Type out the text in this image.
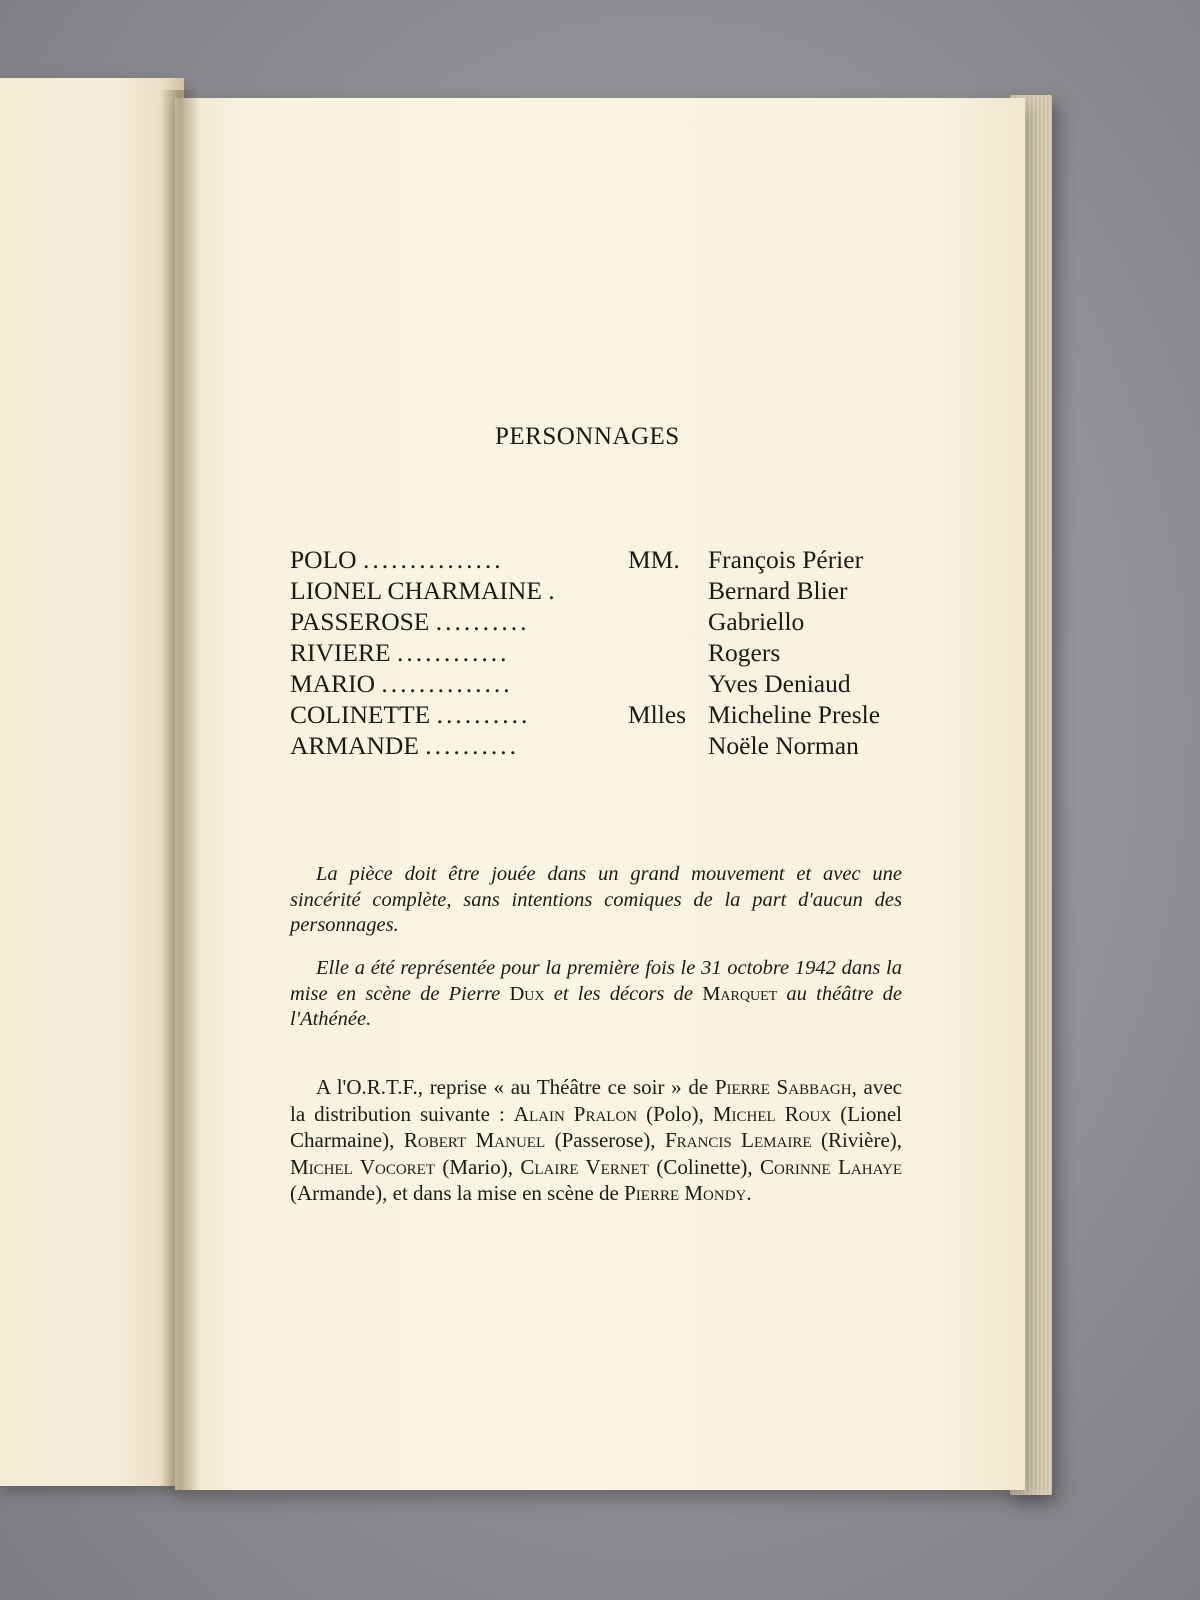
PERSONNAGES
POLO ...............	MM. François Périer
LIONEL CHARMAINE .	Bernard Blier
PASSEROSE ..........	Gabriello
RIVIERE ............	Rogers
MARIO ..............	Yves Deniaud
COLINETTE ..........	Mlles Micheline Presle
ARMANDE ..........	Noële Norman

La pièce doit être jouée dans un grand mouvement et avec une sincérité complète, sans intentions comiques de la part d'aucun des personnages.

Elle a été représentée pour la première fois le 31 octobre 1942 dans la mise en scène de Pierre Dux et les décors de Marquet au théâtre de l'Athénée.

A l'O.R.T.F., reprise « au Théâtre ce soir » de Pierre Sabbagh, avec la distribution suivante : Alain Pralon (Polo), Michel Roux (Lionel Charmaine), Robert Manuel (Passerose), Francis Lemaire (Rivière), Michel Vocoret (Mario), Claire Vernet (Colinette), Corinne Lahaye (Armande), et dans la mise en scène de Pierre Mondy.
